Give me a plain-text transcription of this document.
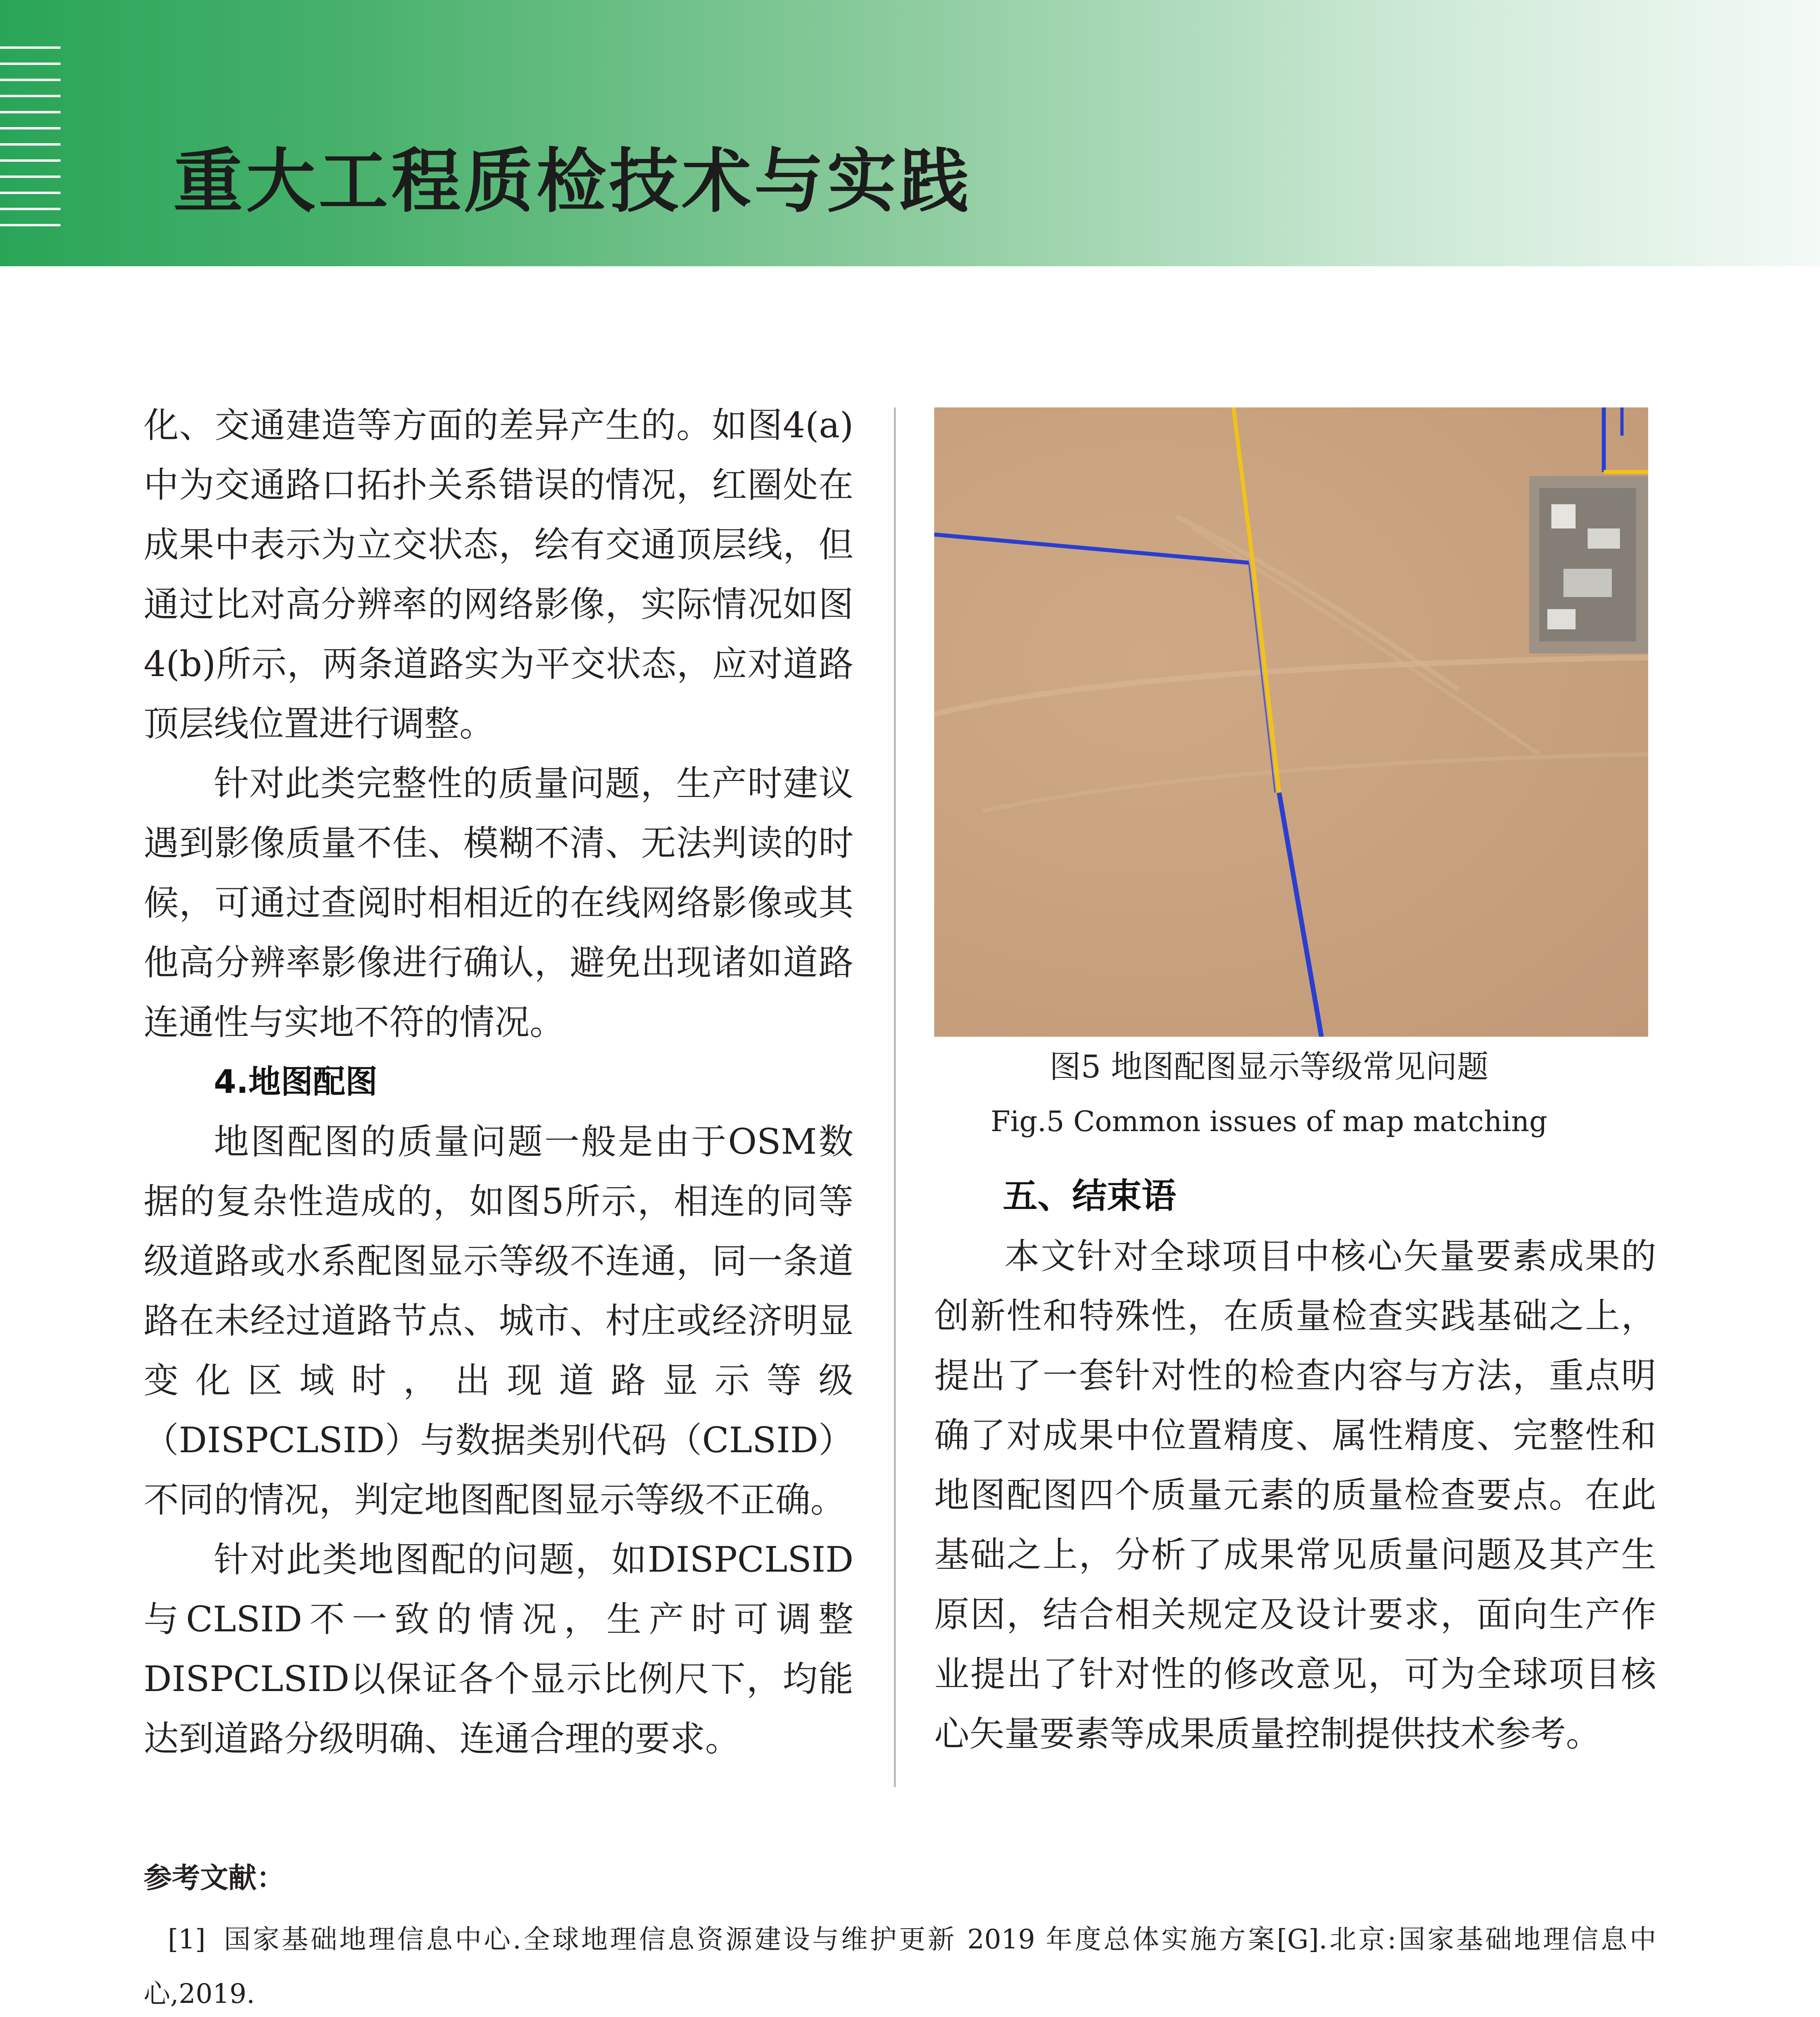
重大工程质检技术与实践

化、交通建造等方面的差异产生的。如图4(a)中为交通路口拓扑关系错误的情况，红圈处在成果中表示为立交状态，绘有交通顶层线，但通过比对高分辨率的网络影像，实际情况如图4(b)所示，两条道路实为平交状态，应对道路顶层线位置进行调整。

针对此类完整性的质量问题，生产时建议遇到影像质量不佳、模糊不清、无法判读的时候，可通过查阅时相相近的在线网络影像或其他高分辨率影像进行确认，避免出现诸如道路连通性与实地不符的情况。

4.地图配图

地图配图的质量问题一般是由于OSM数据的复杂性造成的，如图5所示，相连的同等级道路或水系配图显示等级不连通，同一条道路在未经过道路节点、城市、村庄或经济明显变化区域时，出现道路显示等级（DISPCLSID）与数据类别代码（CLSID）不同的情况，判定地图配图显示等级不正确。

针对此类地图配的问题，如DISPCLSID与CLSID不一致的情况，生产时可调整DISPCLSID以保证各个显示比例尺下，均能达到道路分级明确、连通合理的要求。

图5 地图配图显示等级常见问题

Fig.5 Common issues of map matching

五、结束语

本文针对全球项目中核心矢量要素成果的创新性和特殊性，在质量检查实践基础之上，提出了一套针对性的检查内容与方法，重点明确了对成果中位置精度、属性精度、完整性和地图配图四个质量元素的质量检查要点。在此基础之上，分析了成果常见质量问题及其产生原因，结合相关规定及设计要求，面向生产作业提出了针对性的修改意见，可为全球项目核心矢量要素等成果质量控制提供技术参考。

参考文献：

[1] 国家基础地理信息中心.全球地理信息资源建设与维护更新 2019 年度总体实施方案[G].北京:国家基础地理信息中心,2019.
